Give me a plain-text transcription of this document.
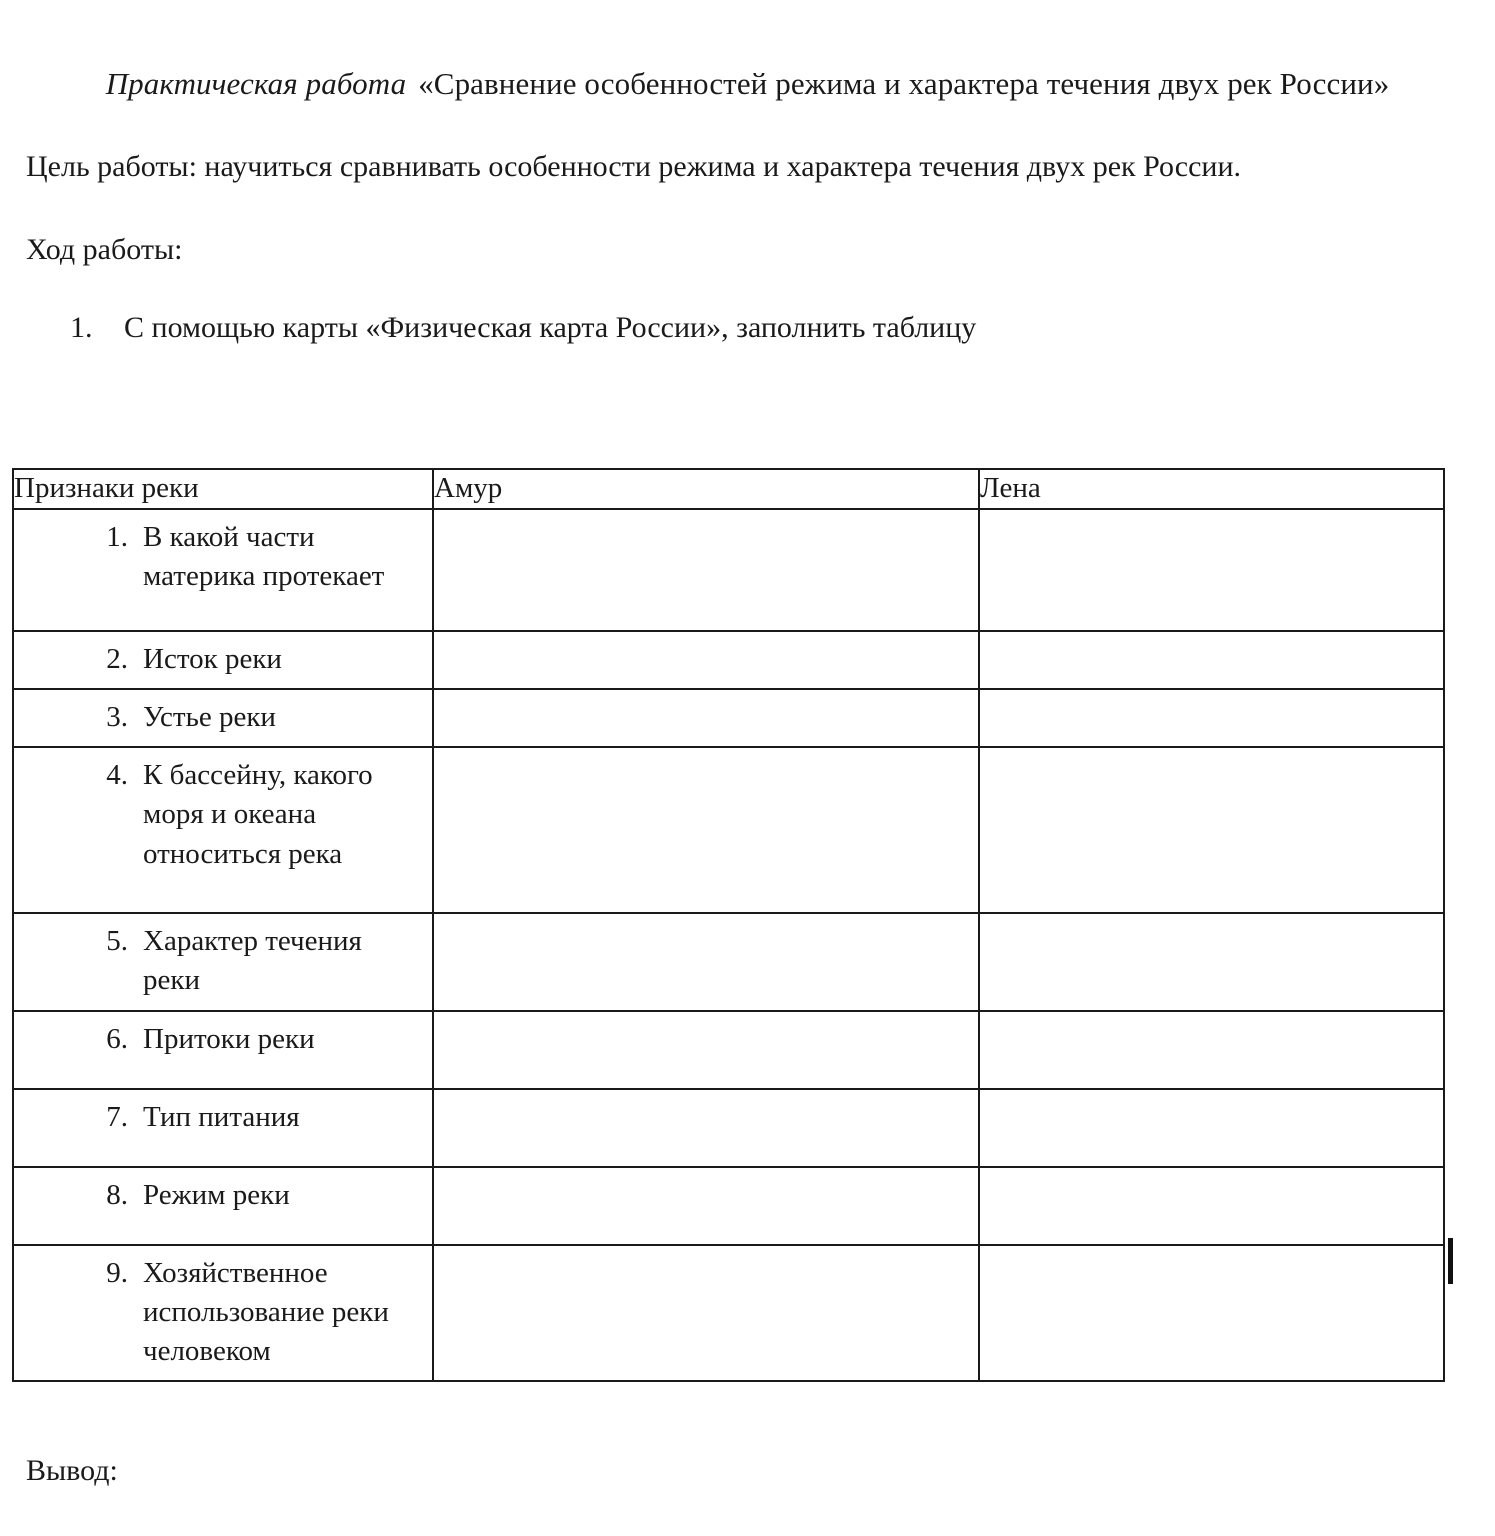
Практическая работа «Сравнение особенностей режима и характера течения двух рек России»

Цель работы: научиться сравнивать особенности режима и характера течения двух рек России.

Ход работы:

1.	С помощью карты «Физическая карта России», заполнить таблицу
Признаки реки	Амур	Лена

1. В какой части материка протекает		

2. Исток реки		

3. Устье реки		

4. К бассейну, какого моря и океана относиться река		

5. Характер течения реки		

6. Притоки реки		

7. Тип питания		

8. Режим реки		

9. Хозяйственное использование реки человеком		

Вывод:
